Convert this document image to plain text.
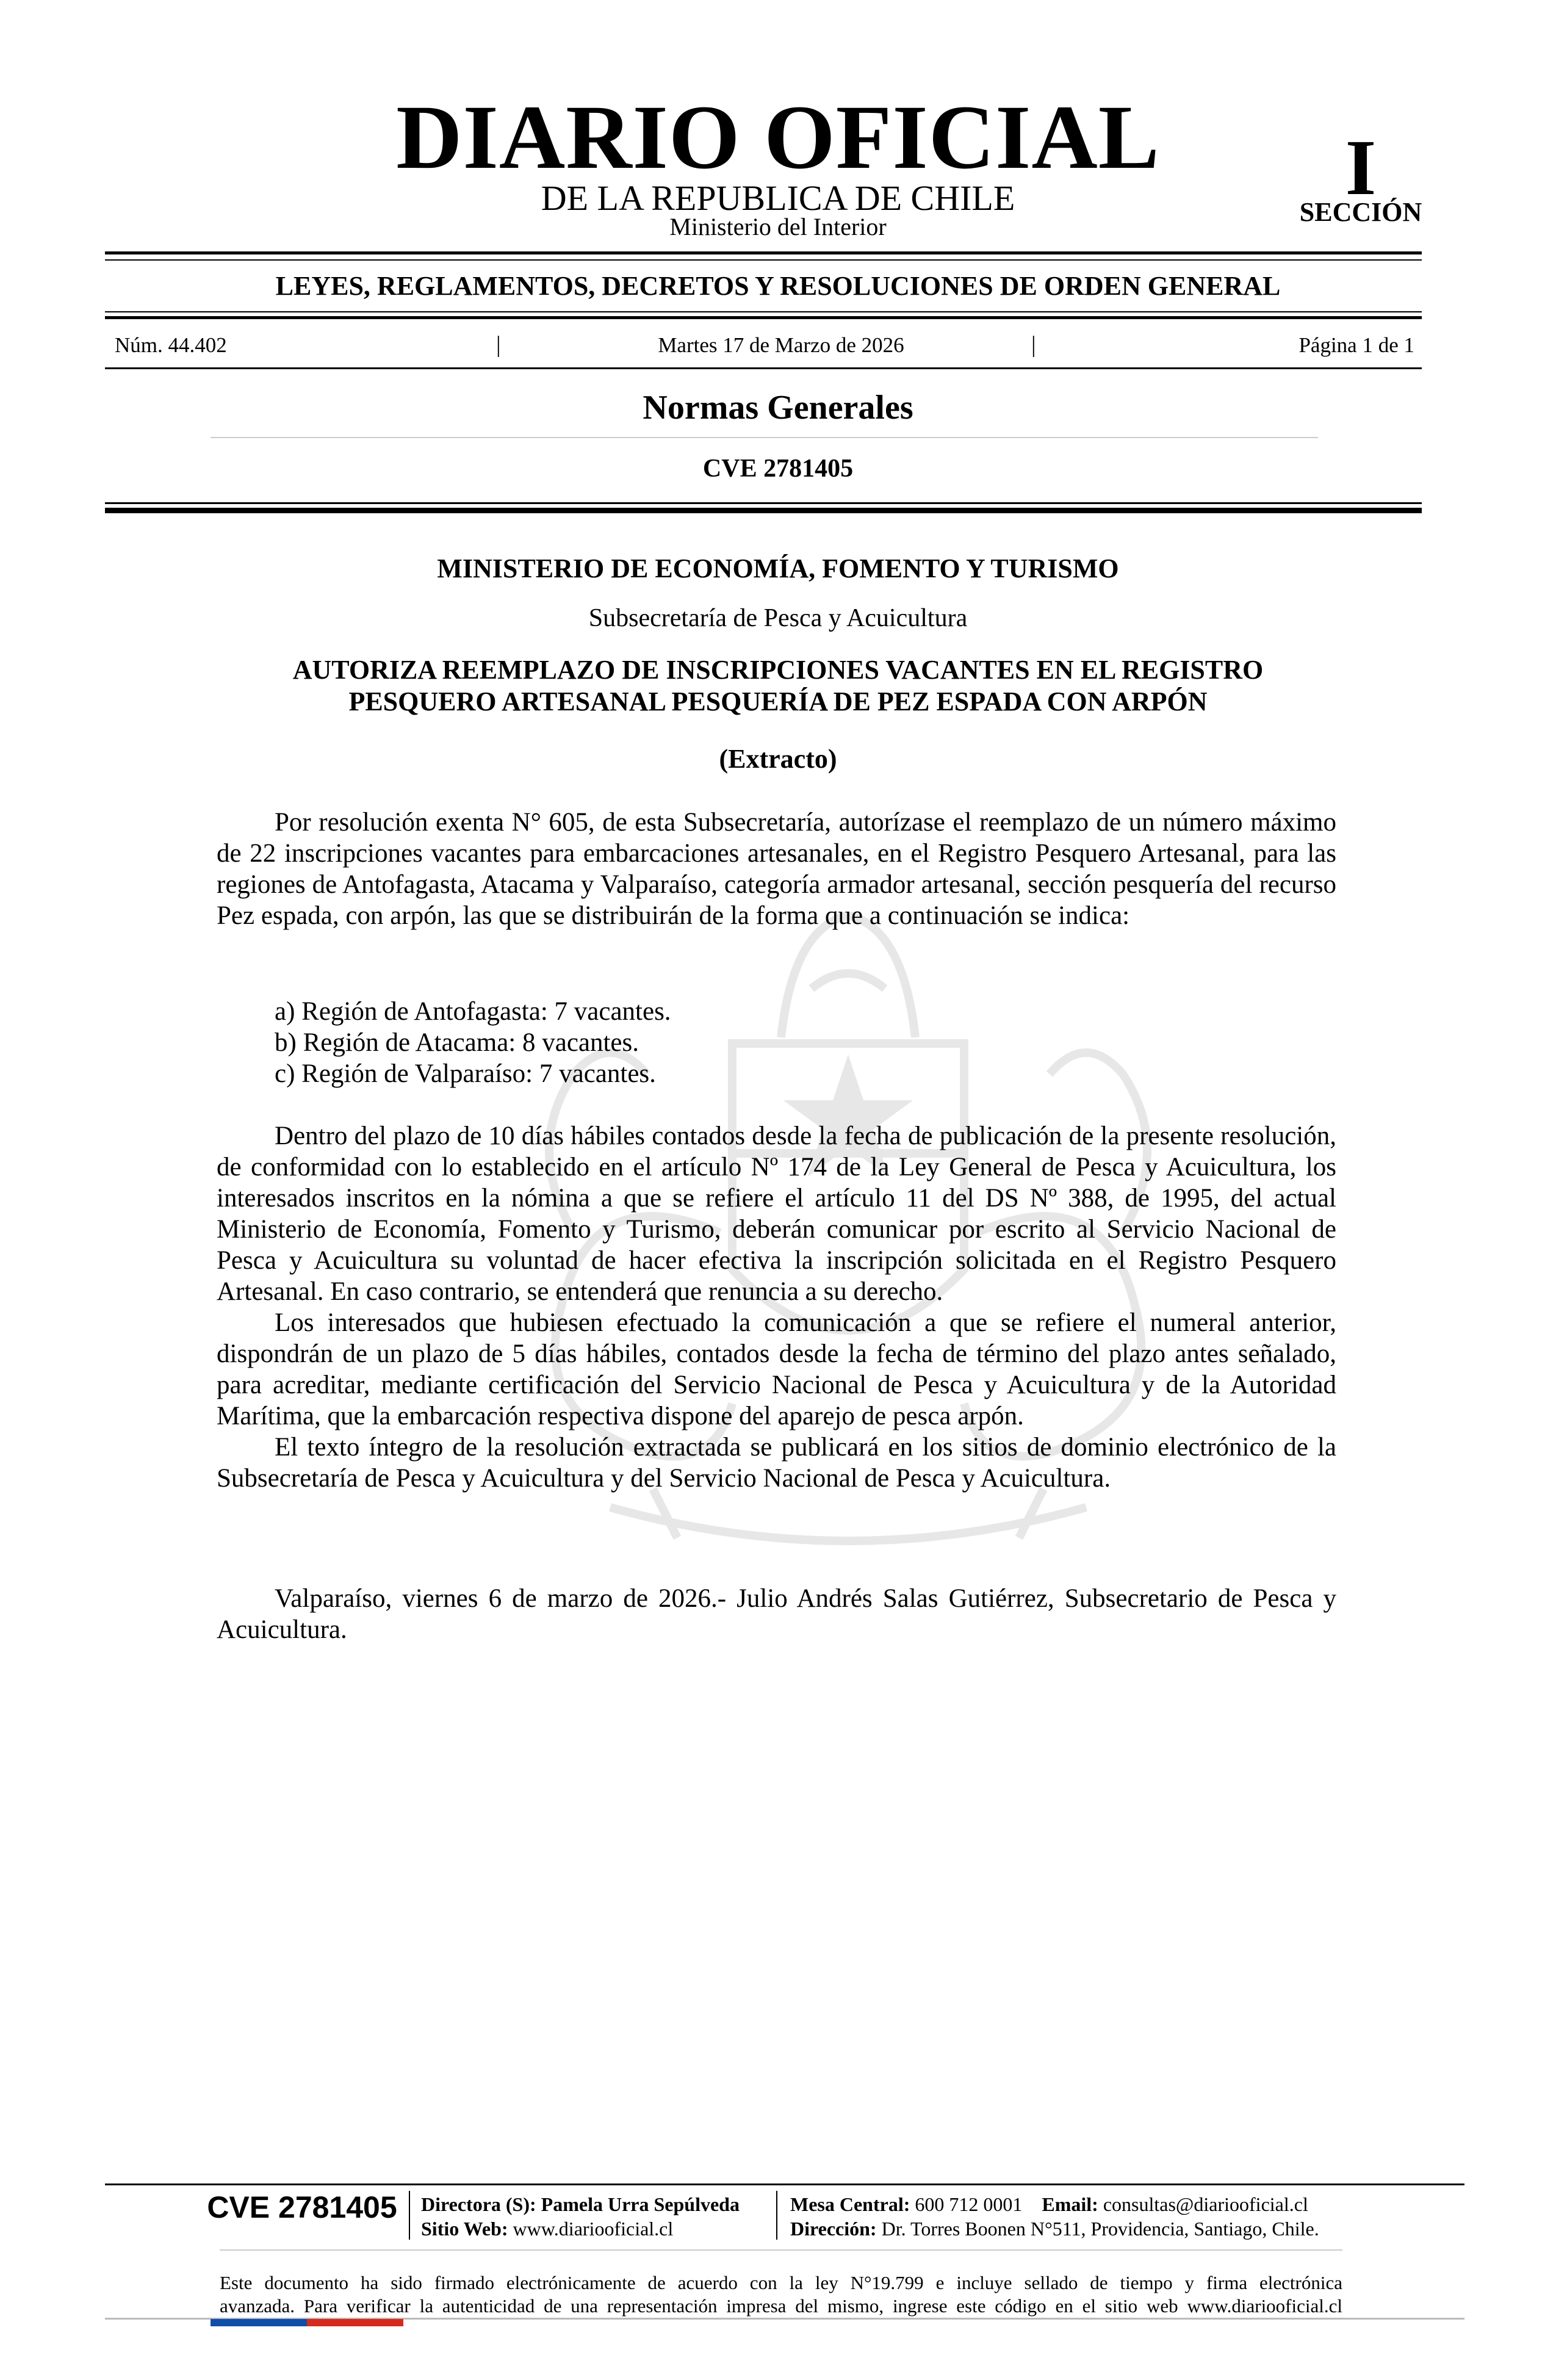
DIARIO OFICIAL
DE LA REPUBLICA DE CHILE
Ministerio del Interior
I
SECCIÓN
LEYES, REGLAMENTOS, DECRETOS Y RESOLUCIONES DE ORDEN GENERAL
Núm. 44.402	|	Martes 17 de Marzo de 2026	|	Página 1 de 1
Normas Generales
CVE 2781405
MINISTERIO DE ECONOMÍA, FOMENTO Y TURISMO
Subsecretaría de Pesca y Acuicultura
AUTORIZA REEMPLAZO DE INSCRIPCIONES VACANTES EN EL REGISTRO
PESQUERO ARTESANAL PESQUERÍA DE PEZ ESPADA CON ARPÓN
(Extracto)

Por resolución exenta N° 605, de esta Subsecretaría, autorízase el reemplazo de un número máximo de 22 inscripciones vacantes para embarcaciones artesanales, en el Registro Pesquero Artesanal, para las regiones de Antofagasta, Atacama y Valparaíso, categoría armador artesanal, sección pesquería del recurso Pez espada, con arpón, las que se distribuirán de la forma que a continuación se indica:

a) Región de Antofagasta: 7 vacantes.
b) Región de Atacama: 8 vacantes.
c) Región de Valparaíso: 7 vacantes.

Dentro del plazo de 10 días hábiles contados desde la fecha de publicación de la presente resolución, de conformidad con lo establecido en el artículo Nº 174 de la Ley General de Pesca y Acuicultura, los interesados inscritos en la nómina a que se refiere el artículo 11 del DS Nº 388, de 1995, del actual Ministerio de Economía, Fomento y Turismo, deberán comunicar por escrito al Servicio Nacional de Pesca y Acuicultura su voluntad de hacer efectiva la inscripción solicitada en el Registro Pesquero Artesanal. En caso contrario, se entenderá que renuncia a su derecho.

Los interesados que hubiesen efectuado la comunicación a que se refiere el numeral anterior, dispondrán de un plazo de 5 días hábiles, contados desde la fecha de término del plazo antes señalado, para acreditar, mediante certificación del Servicio Nacional de Pesca y Acuicultura y de la Autoridad Marítima, que la embarcación respectiva dispone del aparejo de pesca arpón.

El texto íntegro de la resolución extractada se publicará en los sitios de dominio electrónico de la Subsecretaría de Pesca y Acuicultura y del Servicio Nacional de Pesca y Acuicultura.

Valparaíso, viernes 6 de marzo de 2026.- Julio Andrés Salas Gutiérrez, Subsecretario de Pesca y Acuicultura.

CVE 2781405 Directora (S): Pamela Urra Sepúlveda
Sitio Web: www.diariooficial.cl
Mesa Central: 600 712 0001 Email: consultas@diariooficial.cl
Dirección: Dr. Torres Boonen N°511, Providencia, Santiago, Chile.
Este documento ha sido firmado electrónicamente de acuerdo con la ley N°19.799 e incluye sellado de tiempo y firma electrónica
avanzada. Para verificar la autenticidad de una representación impresa del mismo, ingrese este código en el sitio web www.diariooficial.cl
